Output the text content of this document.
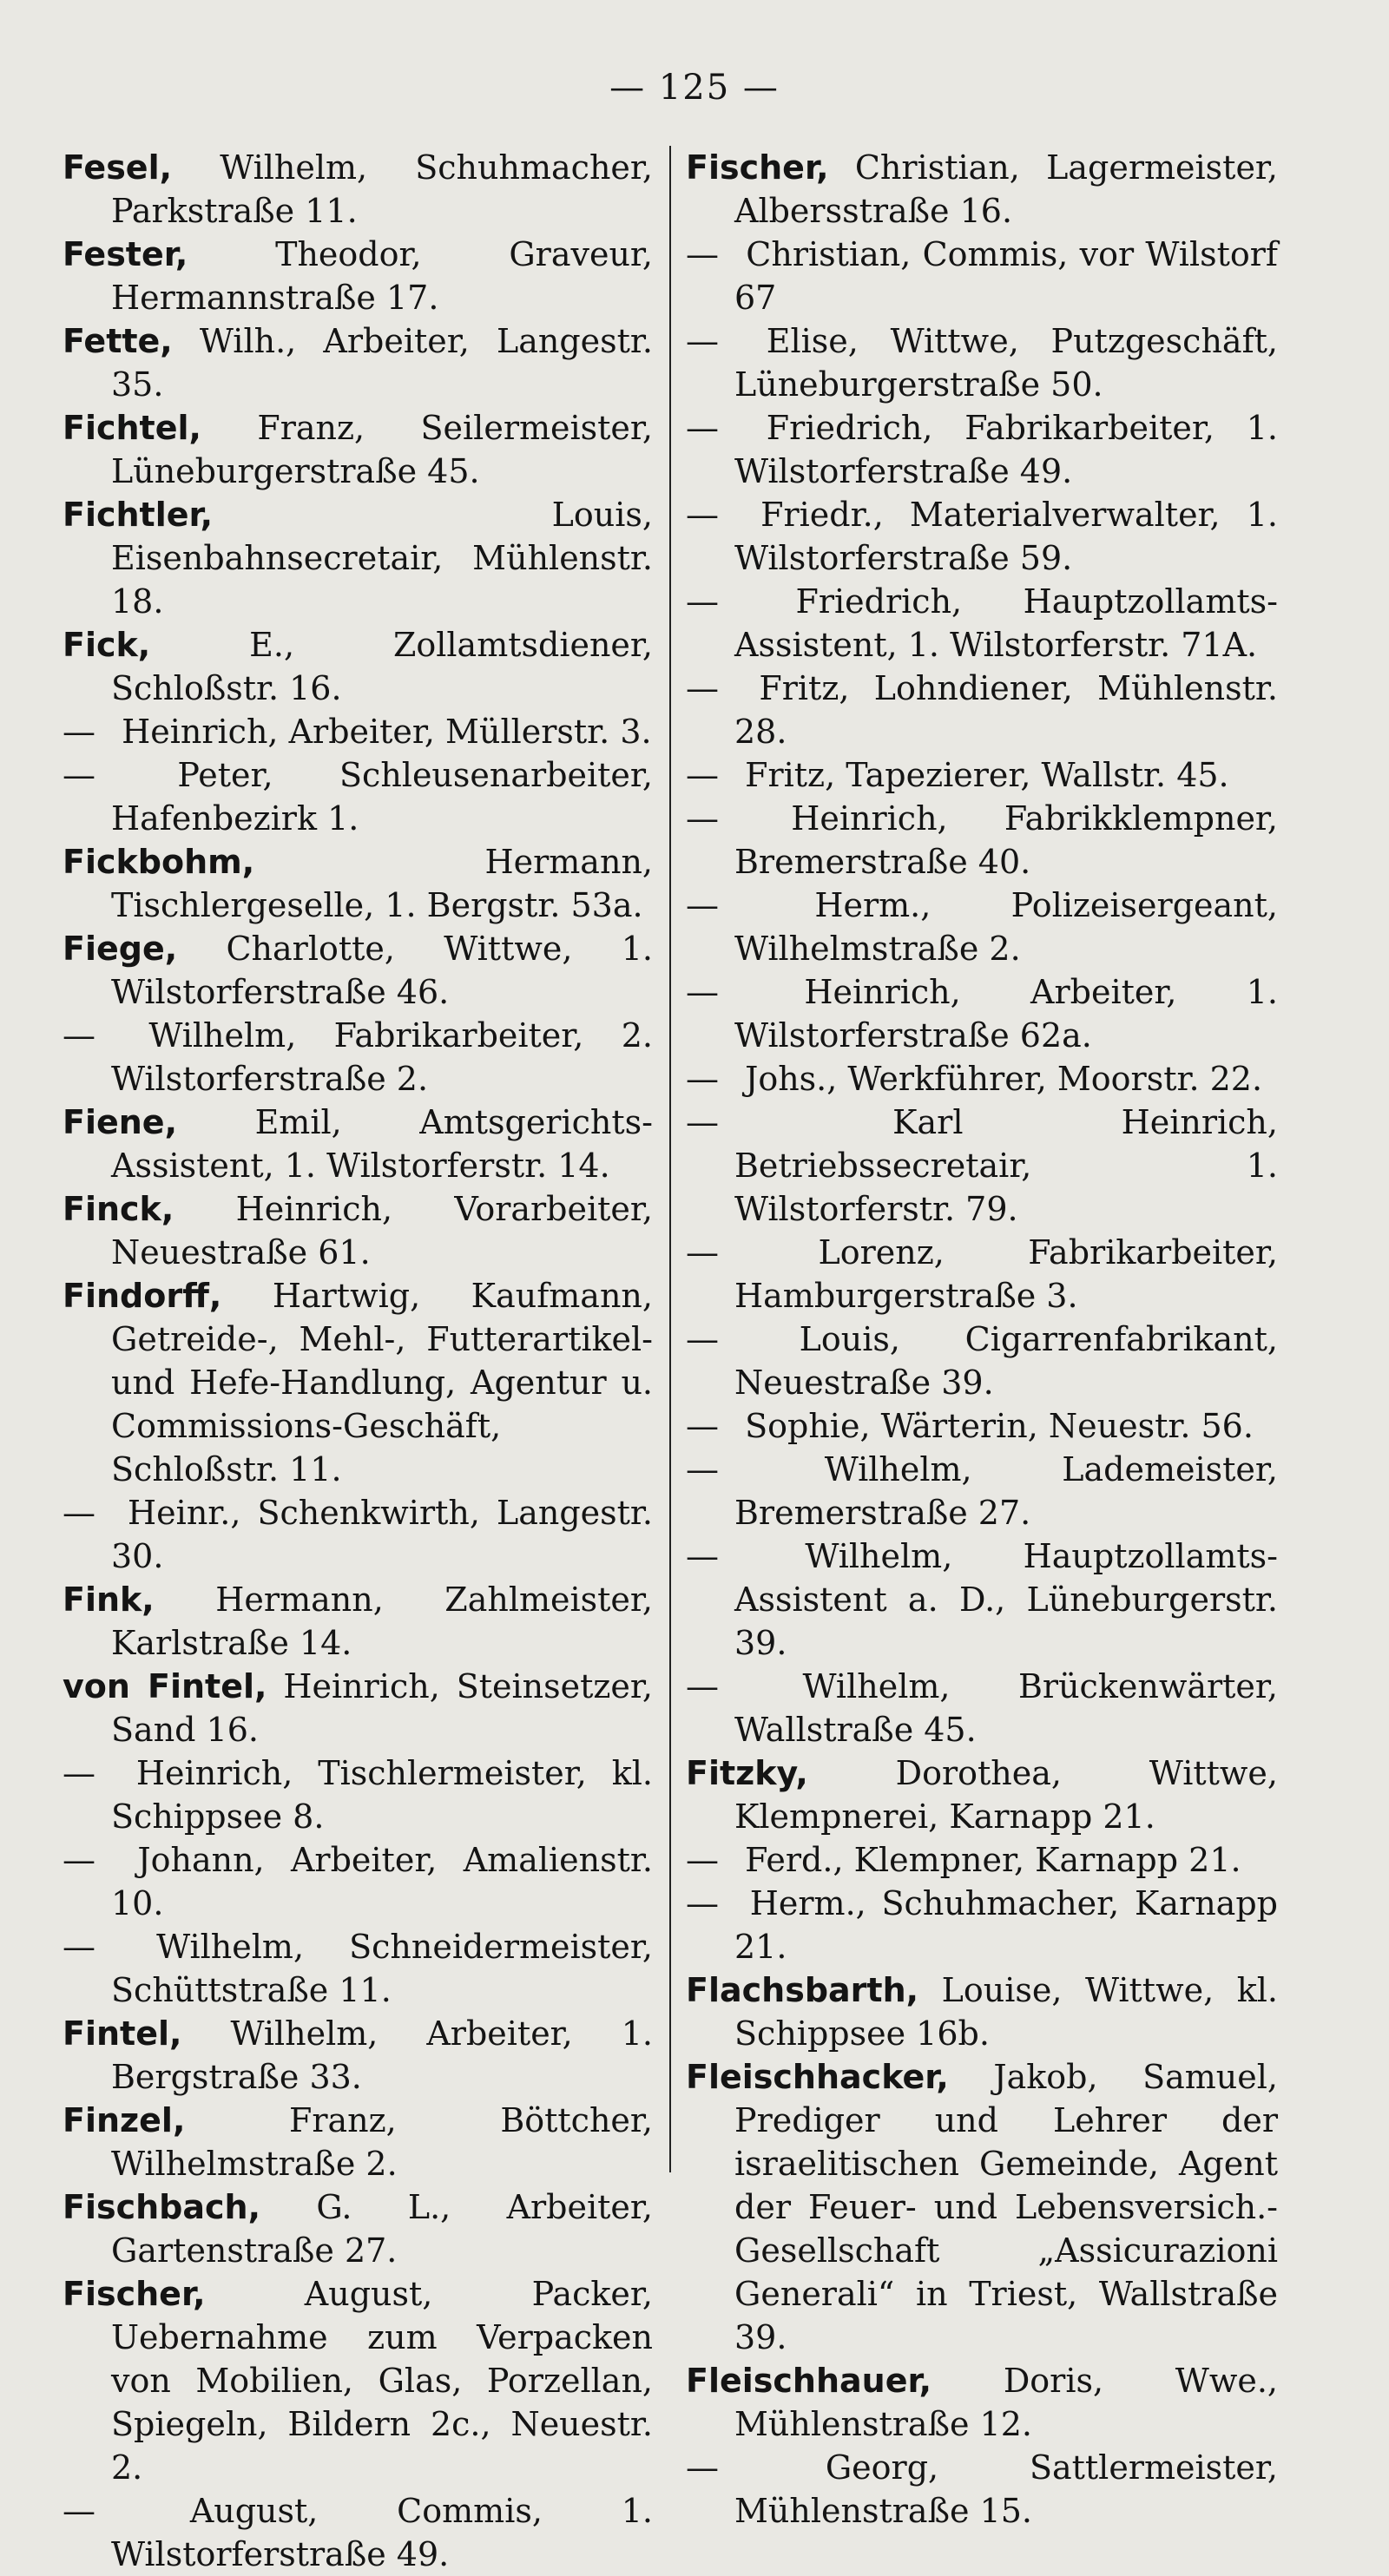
— 125 —

Fesel, Wilhelm, Schuhmacher, Parkstraße 11.

Fester,	Theodor, Graveur, Hermannstraße 17.

Fette, Wilh., Arbeiter, Langestr. 35.

Fichtel, Franz, Seilermeister, Lüneburgerstraße 45.

Fichtler,	Louis, Eisenbahnsecretair, Mühlenstr. 18.

Fick,	E., Zollamtsdiener, Schloßstr. 16.

— Heinrich, Arbeiter, Müllerstr. 3.

— Peter, Schleusenarbeiter, Hafenbezirk 1.

Fickbohm,	Hermann, Tischlergeselle, 1. Bergstr. 53a.

Fiege, Charlotte, Wittwe, 1. Wilstorferstraße 46.

— Wilhelm, Fabrikarbeiter, 2. Wilstorferstraße 2.

Fiene, Emil, Amtsgerichts-Assistent, 1. Wilstorferstr. 14.

Finck, Heinrich, Vorarbeiter, Neuestraße 61.

Findorff, Hartwig, Kaufmann, Getreide-, Mehl-, Futterartikel- und Hefe-Handlung, Agentur u. Commissions-Geschäft, Schloßstr. 11.

— Heinr., Schenkwirth, Langestr. 30.

Fink, Hermann, Zahlmeister, Karlstraße 14.

von Fintel, Heinrich, Steinsetzer, Sand 16.

— Heinrich, Tischlermeister, kl. Schippsee 8.

— Johann, Arbeiter, Amalienstr. 10.

— Wilhelm, Schneidermeister, Schüttstraße 11.

Fintel, Wilhelm, Arbeiter, 1. Bergstraße 33.

Finzel,	Franz, Böttcher, Wilhelmstraße 2.

Fischbach, G. L., Arbeiter, Gartenstraße 27.

Fischer,	August, Packer, Uebernahme zum Verpacken von Mobilien, Glas, Porzellan, Spiegeln, Bildern 2c., Neuestr. 2.

—	August, Commis, 1. Wilstorferstraße 49.

Fischer, Christian, Lagermeister, Albersstraße 16.

— Christian, Commis, vor Wilstorf 67

— Elise, Wittwe, Putzgeschäft, Lüneburgerstraße 50.

— Friedrich, Fabrikarbeiter, 1. Wilstorferstraße 49.

— Friedr., Materialverwalter, 1. Wilstorferstraße 59.

— Friedrich, Hauptzollamts-Assistent, 1. Wilstorferstr. 71A.

— Fritz, Lohndiener, Mühlenstr. 28.

— Fritz, Tapezierer, Wallstr. 45.

— Heinrich, Fabrikklempner, Bremerstraße 40.

—	Herm., Polizeisergeant, Wilhelmstraße 2.

—	Heinrich, Arbeiter, 1. Wilstorferstraße 62a.

— Johs., Werkführer, Moorstr. 22.

—	Karl Heinrich, Betriebssecretair, 1. Wilstorferstr. 79.

—	Lorenz, Fabrikarbeiter, Hamburgerstraße 3.

— Louis, Cigarrenfabrikant, Neuestraße 39.

— Sophie, Wärterin, Neuestr. 56.

—	Wilhelm, Lademeister, Bremerstraße 27.

—	Wilhelm, Hauptzollamts-Assistent a. D., Lüneburgerstr. 39.

—	Wilhelm, Brückenwärter, Wallstraße 45.

Fitzky,	Dorothea, Wittwe, Klempnerei, Karnapp 21.

— Ferd., Klempner, Karnapp 21.

— Herm., Schuhmacher, Karnapp 21.

Flachsbarth, Louise, Wittwe, kl. Schippsee 16b.

Fleischhacker, Jakob, Samuel, Prediger und Lehrer der israelitischen Gemeinde, Agent der Feuer- und Lebensversich.-Gesellschaft „Assicurazioni Generali“ in Triest, Wallstraße 39.

Fleischhauer, Doris, Wwe., Mühlenstraße 12.

—	Georg, Sattlermeister, Mühlenstraße 15.
